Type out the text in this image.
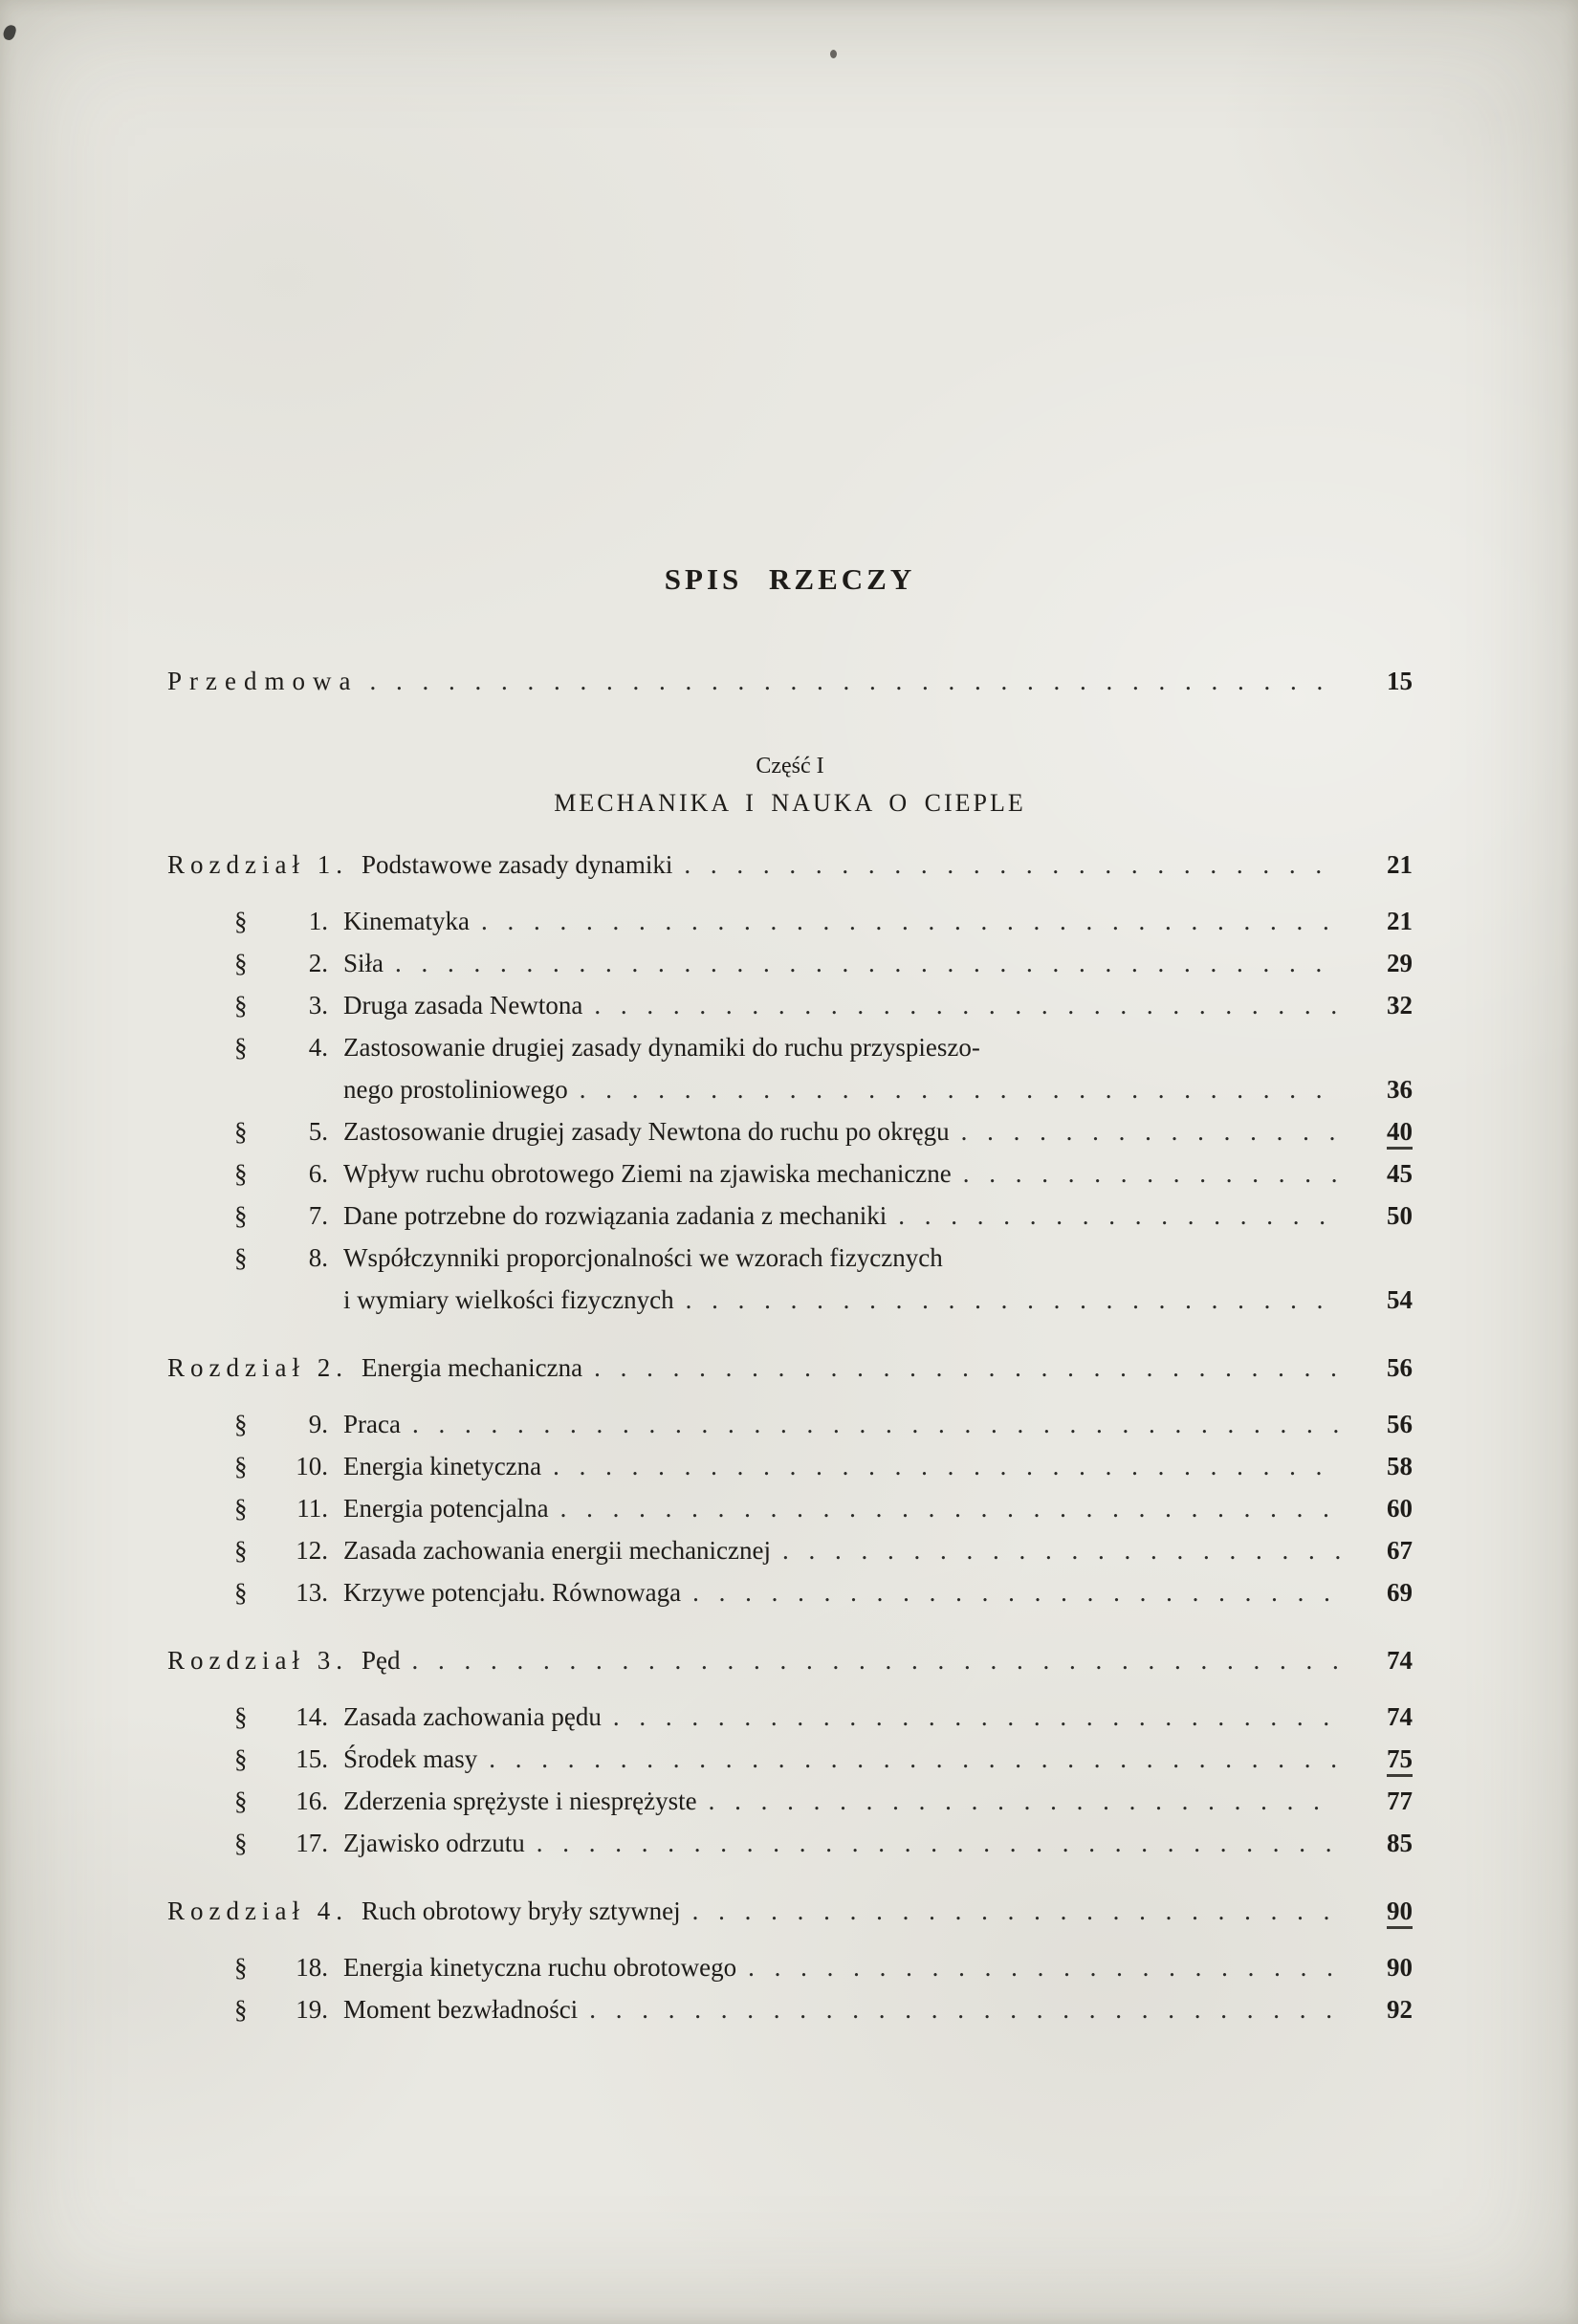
SPIS RZECZY
Przedmowa . . .	15
Część I
MECHANIKA I NAUKA O CIEPLE
Rozdział 1. Podstawowe zasady dynamiki . . .	21
§	1. Kinematyka . . .	21
§	2. Siła . . .	29
§	3. Druga zasada Newtona . . .	32
§	4. Zastosowanie drugiej zasady dynamiki do ruchu przyspieszo-
nego prostoliniowego . . .	36
§	5. Zastosowanie drugiej zasady Newtona do ruchu po okręgu . . .	40
§	6. Wpływ ruchu obrotowego Ziemi na zjawiska mechaniczne . . .	45
§	7. Dane potrzebne do rozwiązania zadania z mechaniki . . .	50
§	8. Współczynniki proporcjonalności we wzorach fizycznych
i wymiary wielkości fizycznych . . .	54
Rozdział 2. Energia mechaniczna . . .	56
§	9. Praca . . .	56
§	10. Energia kinetyczna . . .	58
§	11. Energia potencjalna . . .	60
§	12. Zasada zachowania energii mechanicznej . . .	67
§	13. Krzywe potencjału. Równowaga . . .	69
Rozdział 3. Pęd . . .	74
§	14. Zasada zachowania pędu . . .	74
§	15. Środek masy . . .	75
§	16. Zderzenia sprężyste i niesprężyste . . .	77
§	17. Zjawisko odrzutu . . .	85
Rozdział 4. Ruch obrotowy bryły sztywnej . . .	90
§	18. Energia kinetyczna ruchu obrotowego . . .	90
§	19. Moment bezwładności . . .	92
